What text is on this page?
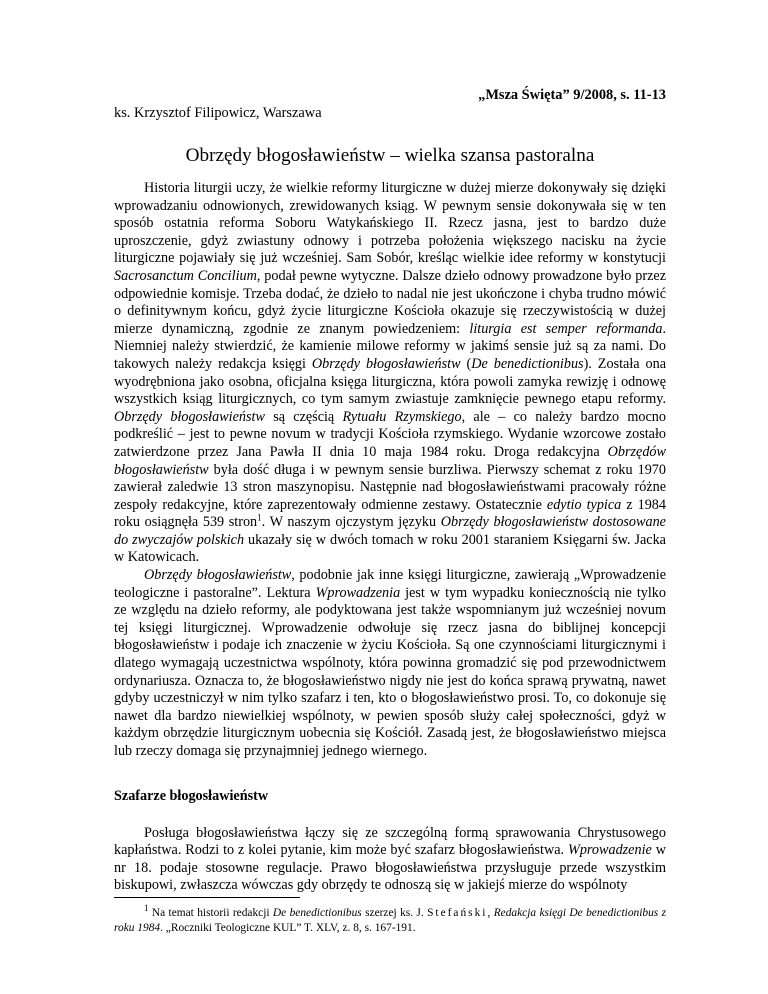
„Msza Święta” 9/2008, s. 11-13
ks. Krzysztof Filipowicz, Warszawa
Obrzędy błogosławieństw – wielka szansa pastoralna

Historia liturgii uczy, że wielkie reformy liturgiczne w dużej mierze dokonywały się dzięki wprowadzaniu odnowionych, zrewidowanych ksiąg. W pewnym sensie dokonywała się w ten sposób ostatnia reforma Soboru Watykańskiego II. Rzecz jasna, jest to bardzo duże uproszczenie, gdyż zwiastuny odnowy i potrzeba położenia większego nacisku na życie liturgiczne pojawiały się już wcześniej. Sam Sobór, kreśląc wielkie idee reformy w konstytucji Sacrosanctum Concilium, podał pewne wytyczne. Dalsze dzieło odnowy prowadzone było przez odpowiednie komisje. Trzeba dodać, że dzieło to nadal nie jest ukończone i chyba trudno mówić o definitywnym końcu, gdyż życie liturgiczne Kościoła okazuje się rzeczywistością w dużej mierze dynamiczną, zgodnie ze znanym powiedzeniem: liturgia est semper reformanda. Niemniej należy stwierdzić, że kamienie milowe reformy w jakimś sensie już są za nami. Do takowych należy redakcja księgi Obrzędy błogosławieństw (De benedictionibus). Została ona wyodrębniona jako osobna, oficjalna księga liturgiczna, która powoli zamyka rewizję i odnowę wszystkich ksiąg liturgicznych, co tym samym zwiastuje zamknięcie pewnego etapu reformy. Obrzędy błogosławieństw są częścią Rytuału Rzymskiego, ale – co należy bardzo mocno podkreślić – jest to pewne novum w tradycji Kościoła rzymskiego. Wydanie wzorcowe zostało zatwierdzone przez Jana Pawła II dnia 10 maja 1984 roku. Droga redakcyjna Obrzędów błogosławieństw była dość długa i w pewnym sensie burzliwa. Pierwszy schemat z roku 1970 zawierał zaledwie 13 stron maszynopisu. Następnie nad błogosławieństwami pracowały różne zespoły redakcyjne, które zaprezentowały odmienne zestawy. Ostatecznie edytio typica z 1984 roku osiągnęła 539 stron$^1$. W naszym ojczystym języku Obrzędy błogosławieństw dostosowane do zwyczajów polskich ukazały się w dwóch tomach w roku 2001 staraniem Księgarni św. Jacka w Katowicach.

Obrzędy błogosławieństw, podobnie jak inne księgi liturgiczne, zawierają „Wprowadzenie teologiczne i pastoralne”. Lektura Wprowadzenia jest w tym wypadku koniecznością nie tylko ze względu na dzieło reformy, ale podyktowana jest także wspomnianym już wcześniej novum tej księgi liturgicznej. Wprowadzenie odwołuje się rzecz jasna do biblijnej koncepcji błogosławieństw i podaje ich znaczenie w życiu Kościoła. Są one czynnościami liturgicznymi i dlatego wymagają uczestnictwa wspólnoty, która powinna gromadzić się pod przewodnictwem ordynariusza. Oznacza to, że błogosławieństwo nigdy nie jest do końca sprawą prywatną, nawet gdyby uczestniczył w nim tylko szafarz i ten, kto o błogosławieństwo prosi. To, co dokonuje się nawet dla bardzo niewielkiej wspólnoty, w pewien sposób służy całej społeczności, gdyż w każdym obrzędzie liturgicznym uobecnia się Kościół. Zasadą jest, że błogosławieństwo miejsca lub rzeczy domaga się przynajmniej jednego wiernego.

Szafarze błogosławieństw

Posługa błogosławieństwa łączy się ze szczególną formą sprawowania Chrystusowego kapłaństwa. Rodzi to z kolei pytanie, kim może być szafarz błogosławieństwa. Wprowadzenie w nr 18. podaje stosowne regulacje. Prawo błogosławieństwa przysługuje przede wszystkim biskupowi, zwłaszcza wówczas gdy obrzędy te odnoszą się w jakiejś mierze do wspólnoty

$^1$ Na temat historii redakcji De benedictionibus szerzej ks. J. Stefański, Redakcja księgi De benedictionibus z roku 1984. „Roczniki Teologiczne KUL” T. XLV, z. 8, s. 167-191.
